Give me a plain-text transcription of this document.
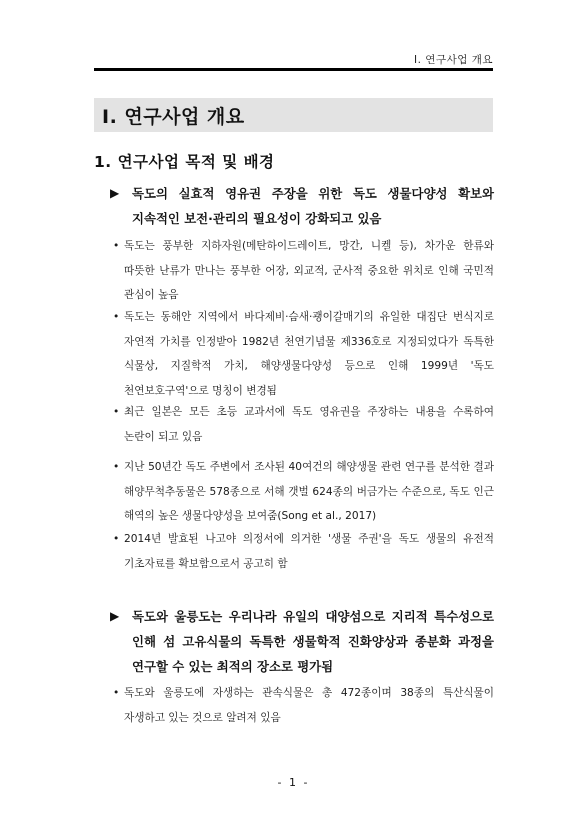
Ⅰ. 연구사업 개요
Ⅰ. 연구사업 개요
1. 연구사업 목적 및 배경
▶	독도의 실효적 영유권 주장을 위한 독도 생물다양성 확보와 지속적인 보전·관리의 필요성이 강화되고 있음
• 독도는 풍부한 지하자원(메탄하이드레이트, 망간, 니켈 등), 차가운 한류와 따뜻한 난류가 만나는 풍부한 어장, 외교적, 군사적 중요한 위치로 인해 국민적 관심이 높음
• 독도는 동해안 지역에서 바다제비·슴새·괭이갈매기의 유일한 대집단 번식지로 자연적 가치를 인정받아 1982년 천연기념물 제336호로 지정되었다가 독특한 식물상, 지질학적 가치, 해양생물다양성 등으로 인해 1999년 '독도 천연보호구역'으로 명칭이 변경됨
• 최근 일본은 모든 초등 교과서에 독도 영유권을 주장하는 내용을 수록하여 논란이 되고 있음
• 지난 50년간 독도 주변에서 조사된 40여건의 해양생물 관련 연구를 분석한 결과 해양무척추동물은 578종으로 서해 갯벌 624종의 버금가는 수준으로, 독도 인근 해역의 높은 생물다양성을 보여줌(Song et al., 2017)
• 2014년 발효된 나고야 의정서에 의거한 '생물 주권'을 독도 생물의 유전적 기초자료를 확보함으로서 공고히 함
▶	독도와 울릉도는 우리나라 유일의 대양섬으로 지리적 특수성으로 인해 섬 고유식물의 독특한 생물학적 진화양상과 종분화 과정을 연구할 수 있는 최적의 장소로 평가됨
• 독도와 울릉도에 자생하는 관속식물은 총 472종이며 38종의 특산식물이 자생하고 있는 것으로 알려져 있음
- 1 -
